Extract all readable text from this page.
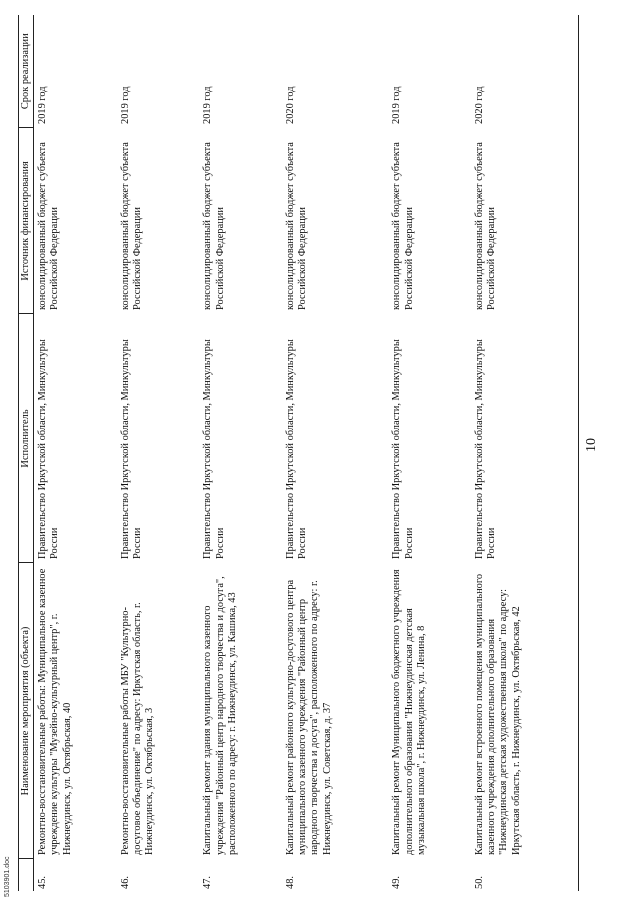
5103901.doc
	Наименование мероприятия (объекта)	Исполнитель	Источник финансирования	Срок реализации
45.	Ремонтно-восстановительные работы: Муниципальное казенное учреждение культуры "Музейно-культурный центр", г. Нижнеудинск, ул. Октябрьская, 40	Правительство Иркутской области, Минкультуры России	консолидированный бюджет субъекта Российской Федерации	2019 год
46.	Ремонтно-восстановительные работы МБУ "Культурно-досуговое объединение" по адресу: Иркутская область, г. Нижнеудинск, ул. Октябрьская, 3	Правительство Иркутской области, Минкультуры России	консолидированный бюджет субъекта Российской Федерации	2019 год
47.	Капитальный ремонт здания муниципального казенного учреждения "Районный центр народного творчества и досуга", расположенного по адресу: г. Нижнеудинск, ул. Кашика, 43	Правительство Иркутской области, Минкультуры России	консолидированный бюджет субъекта Российской Федерации	2019 год
48.	Капитальный ремонт районного культурно-досугового центра муниципального казенного учреждения "Районный центр народного творчества и досуга", расположенного по адресу: г. Нижнеудинск, ул. Советская, д. 37	Правительство Иркутской области, Минкультуры России	консолидированный бюджет субъекта Российской Федерации	2020 год
49.	Капитальный ремонт Муниципального бюджетного учреждения дополнительного образования "Нижнеудинская детская музыкальная школа", г. Нижнеудинск, ул. Ленина, 8	Правительство Иркутской области, Минкультуры России	консолидированный бюджет субъекта Российской Федерации	2019 год
50.	Капитальный ремонт встроенного помещения муниципального казенного учреждения дополнительного образования "Нижнеудинская детская художественная школа" по адресу: Иркутская область, г. Нижнеудинск, ул. Октябрьская, 42	Правительство Иркутской области, Минкультуры России	консолидированный бюджет субъекта Российской Федерации	2020 год
10
